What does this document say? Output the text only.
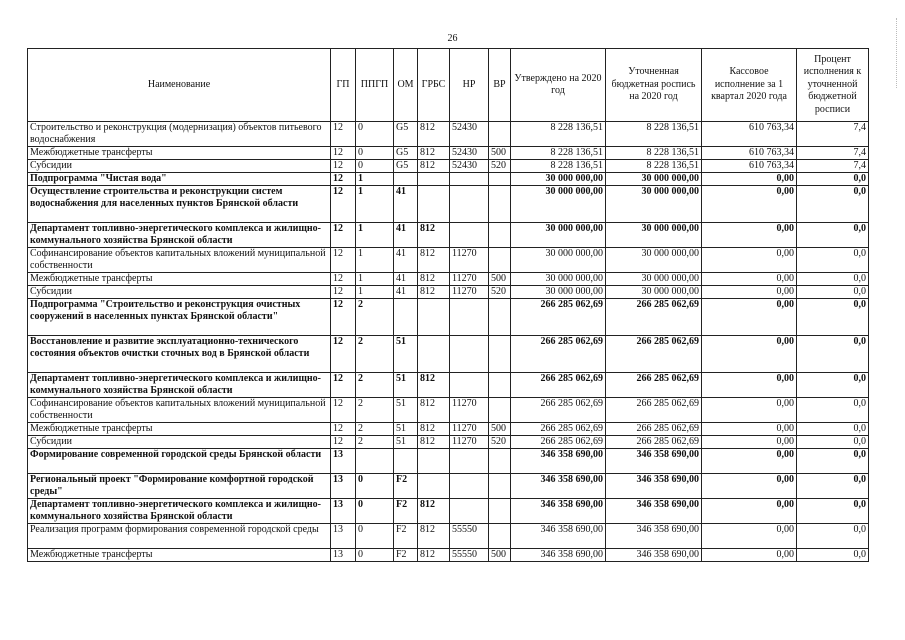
26
Наименование	ГП	ППГП	ОМ	ГРБС	НР	ВР	Утверждено на 2020 год	Уточненная бюджетная роспись на 2020 год	Кассовое исполнение за 1 квартал 2020 года	Процент исполнения к уточненной бюджетной росписи
Строительство и реконструкция (модернизация) объектов питьевого водоснабжения	12	0	G5	812	52430		8 228 136,51	8 228 136,51	610 763,34	7,4
Межбюджетные трансферты	12	0	G5	812	52430	500	8 228 136,51	8 228 136,51	610 763,34	7,4
Субсидии	12	0	G5	812	52430	520	8 228 136,51	8 228 136,51	610 763,34	7,4
Подпрограмма "Чистая вода"	12	1					30 000 000,00	30 000 000,00	0,00	0,0
Осуществление строительства и реконструкции систем водоснабжения для населенных пунктов Брянской области	12	1	41				30 000 000,00	30 000 000,00	0,00	0,0
Департамент топливно-энергетического комплекса и жилищно-коммунального хозяйства Брянской области	12	1	41	812			30 000 000,00	30 000 000,00	0,00	0,0
Софинансирование объектов капитальных вложений муниципальной собственности	12	1	41	812	11270		30 000 000,00	30 000 000,00	0,00	0,0
Межбюджетные трансферты	12	1	41	812	11270	500	30 000 000,00	30 000 000,00	0,00	0,0
Субсидии	12	1	41	812	11270	520	30 000 000,00	30 000 000,00	0,00	0,0
Подпрограмма "Строительство и реконструкция очистных сооружений в населенных пунктах Брянской области"	12	2					266 285 062,69	266 285 062,69	0,00	0,0
Восстановление и развитие эксплуатационно-технического состояния объектов очистки сточных вод в Брянской области	12	2	51				266 285 062,69	266 285 062,69	0,00	0,0
Департамент топливно-энергетического комплекса и жилищно-коммунального хозяйства Брянской области	12	2	51	812			266 285 062,69	266 285 062,69	0,00	0,0
Софинансирование объектов капитальных вложений муниципальной собственности	12	2	51	812	11270		266 285 062,69	266 285 062,69	0,00	0,0
Межбюджетные трансферты	12	2	51	812	11270	500	266 285 062,69	266 285 062,69	0,00	0,0
Субсидии	12	2	51	812	11270	520	266 285 062,69	266 285 062,69	0,00	0,0
Формирование современной городской среды Брянской области	13						346 358 690,00	346 358 690,00	0,00	0,0
Региональный проект "Формирование комфортной городской среды"	13	0	F2				346 358 690,00	346 358 690,00	0,00	0,0
Департамент топливно-энергетического комплекса и жилищно-коммунального хозяйства Брянской области	13	0	F2	812			346 358 690,00	346 358 690,00	0,00	0,0
Реализация программ формирования современной городской среды	13	0	F2	812	55550		346 358 690,00	346 358 690,00	0,00	0,0
Межбюджетные трансферты	13	0	F2	812	55550	500	346 358 690,00	346 358 690,00	0,00	0,0
